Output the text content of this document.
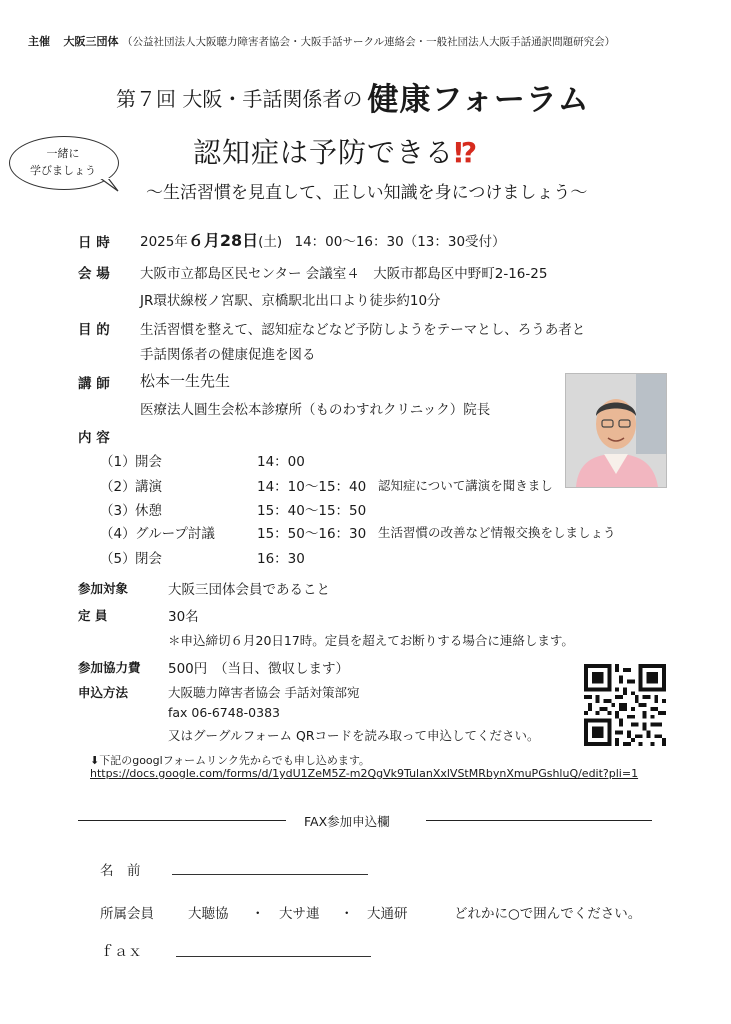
主催 大阪三団体 （公益社団法人大阪聴力障害者協会・大阪手話サークル連絡会・一般社団法人大阪手話通訳問題研究会）
第７回 大阪・手話関係者の 健康フォーラム
一緒に
学びましょう
認知症は予防できる⁉
～生活習慣を見直して、正しい知識を身につけましょう～
日 時 2025年６月28日(土) 14：00～16：30（13：30受付）
会 場 大阪市立都島区民センター 会議室４　大阪市都島区中野町2-16-25
JR環状線桜ノ宮駅、京橋駅北出口より徒歩約10分
目 的 生活習慣を整えて、認知症などなど予防しようをテーマとし、ろうあ者と
手話関係者の健康促進を図る
講 師 松本一生先生
医療法人圓生会松本診療所（ものわすれクリニック）院長
内 容
（1） 開会	14：00
（2） 講演	14：10～15：40 認知症について講演を聞きまし
（3） 休憩	15：40～15：50
（4） グループ討議	15：50～16：30 生活習慣の改善など情報交換をしましょう
（5） 閉会	16：30
参加対象	大阪三団体会員であること
定 員	30名
＊申込締切６月20日17時。定員を超えてお断りする場合に連絡します。
参加協力費 500円　（当日、徴収します）
申込方法	大阪聴力障害者協会 手話対策部宛
fax 06-6748-0383
又はグーグルフォーム QRコードを読み取って申込してください。
⬇下記のgooglフォームリンク先からでも申し込めます。
https://docs.google.com/forms/d/1ydU1ZeM5Z-m2QgVk9TulanXxlVStMRbynXmuPGshluQ/edit?pli=1
FAX参加申込欄
名　前
所属会員	大聴協 ・ 大サ連 ・ 大通研	どれかに○で囲んでください。
ｆａｘ
